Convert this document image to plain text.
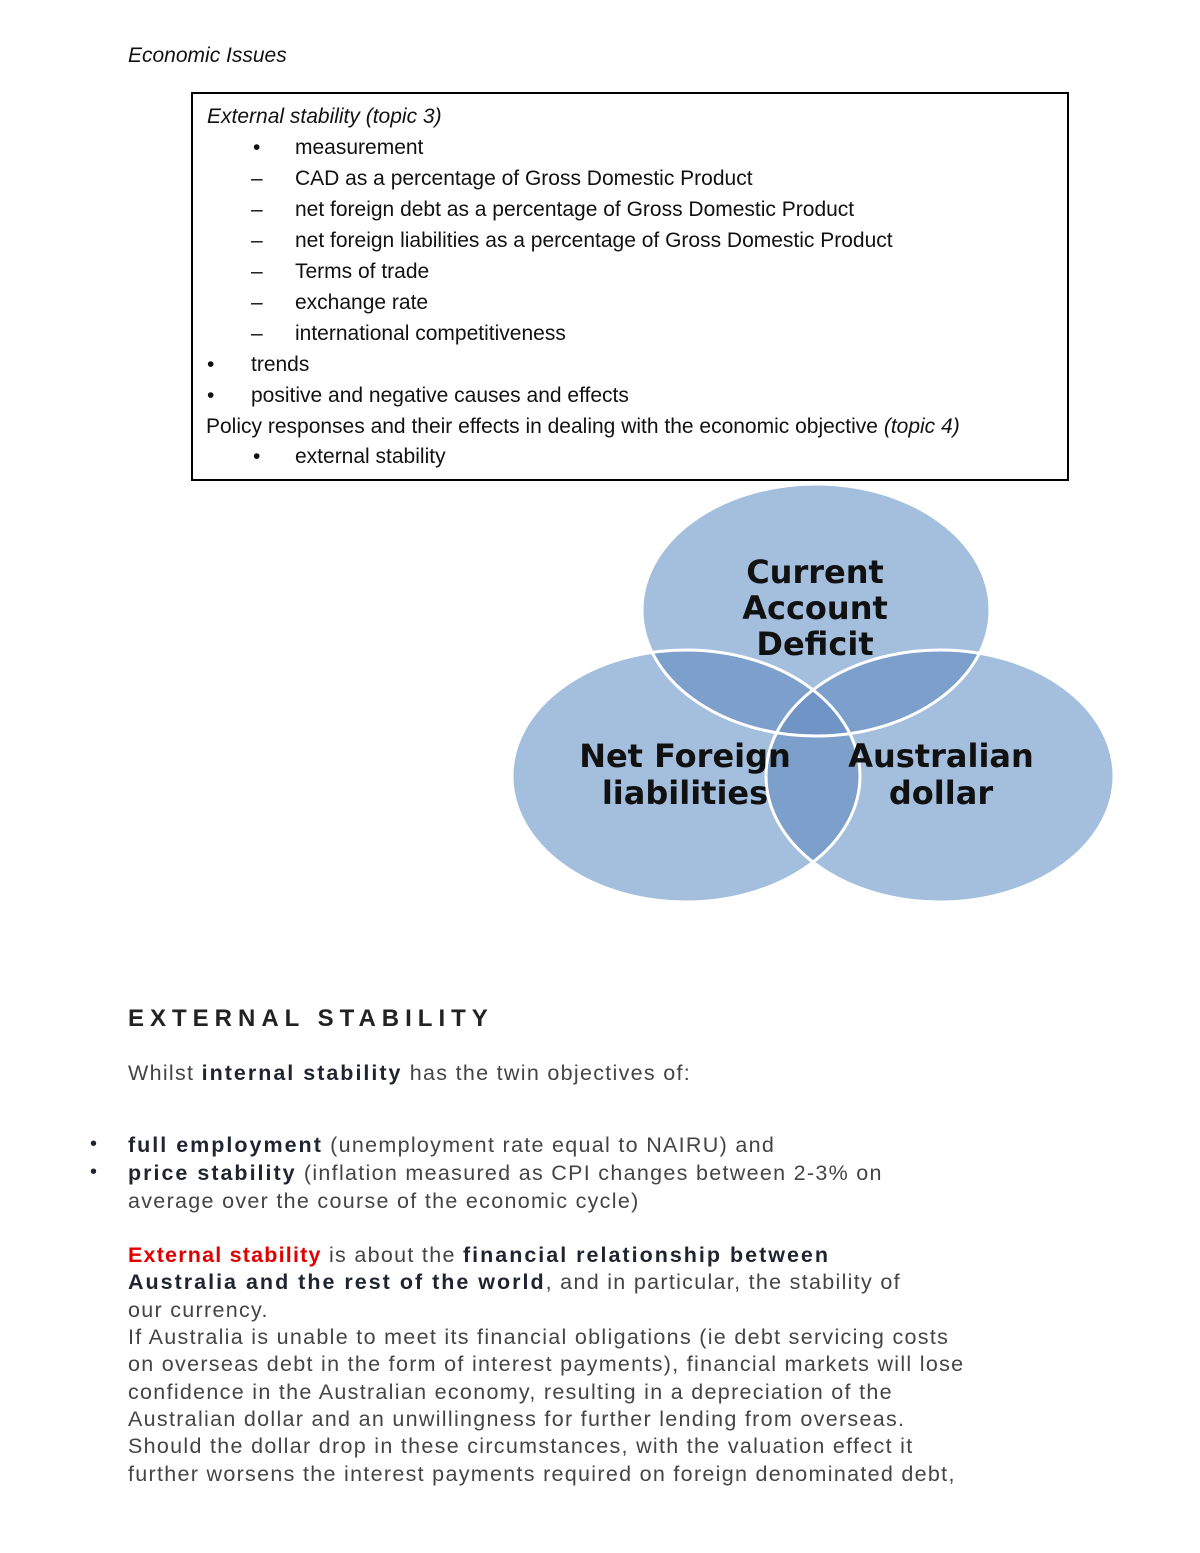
Economic Issues
External stability (topic 3)
• measurement
– CAD as a percentage of Gross Domestic Product
– net foreign debt as a percentage of Gross Domestic Product
– net foreign liabilities as a percentage of Gross Domestic Product
– Terms of trade
– exchange rate
– international competitiveness
• trends
• positive and negative causes and effects
Policy responses and their effects in dealing with the economic objective (topic 4)
• external stability
Current
Account
Deficit
Net Foreign
liabilities
Australian
dollar
EXTERNAL STABILITY
Whilst internal stability has the twin objectives of:
• full employment (unemployment rate equal to NAIRU) and
• price stability (inflation measured as CPI changes between 2-3% on
average over the course of the economic cycle)
External stability is about the financial relationship between
Australia and the rest of the world, and in particular, the stability of
our currency.
If Australia is unable to meet its financial obligations (ie debt servicing costs
on overseas debt in the form of interest payments), financial markets will lose
confidence in the Australian economy, resulting in a depreciation of the
Australian dollar and an unwillingness for further lending from overseas.
Should the dollar drop in these circumstances, with the valuation effect it
further worsens the interest payments required on foreign denominated debt,
